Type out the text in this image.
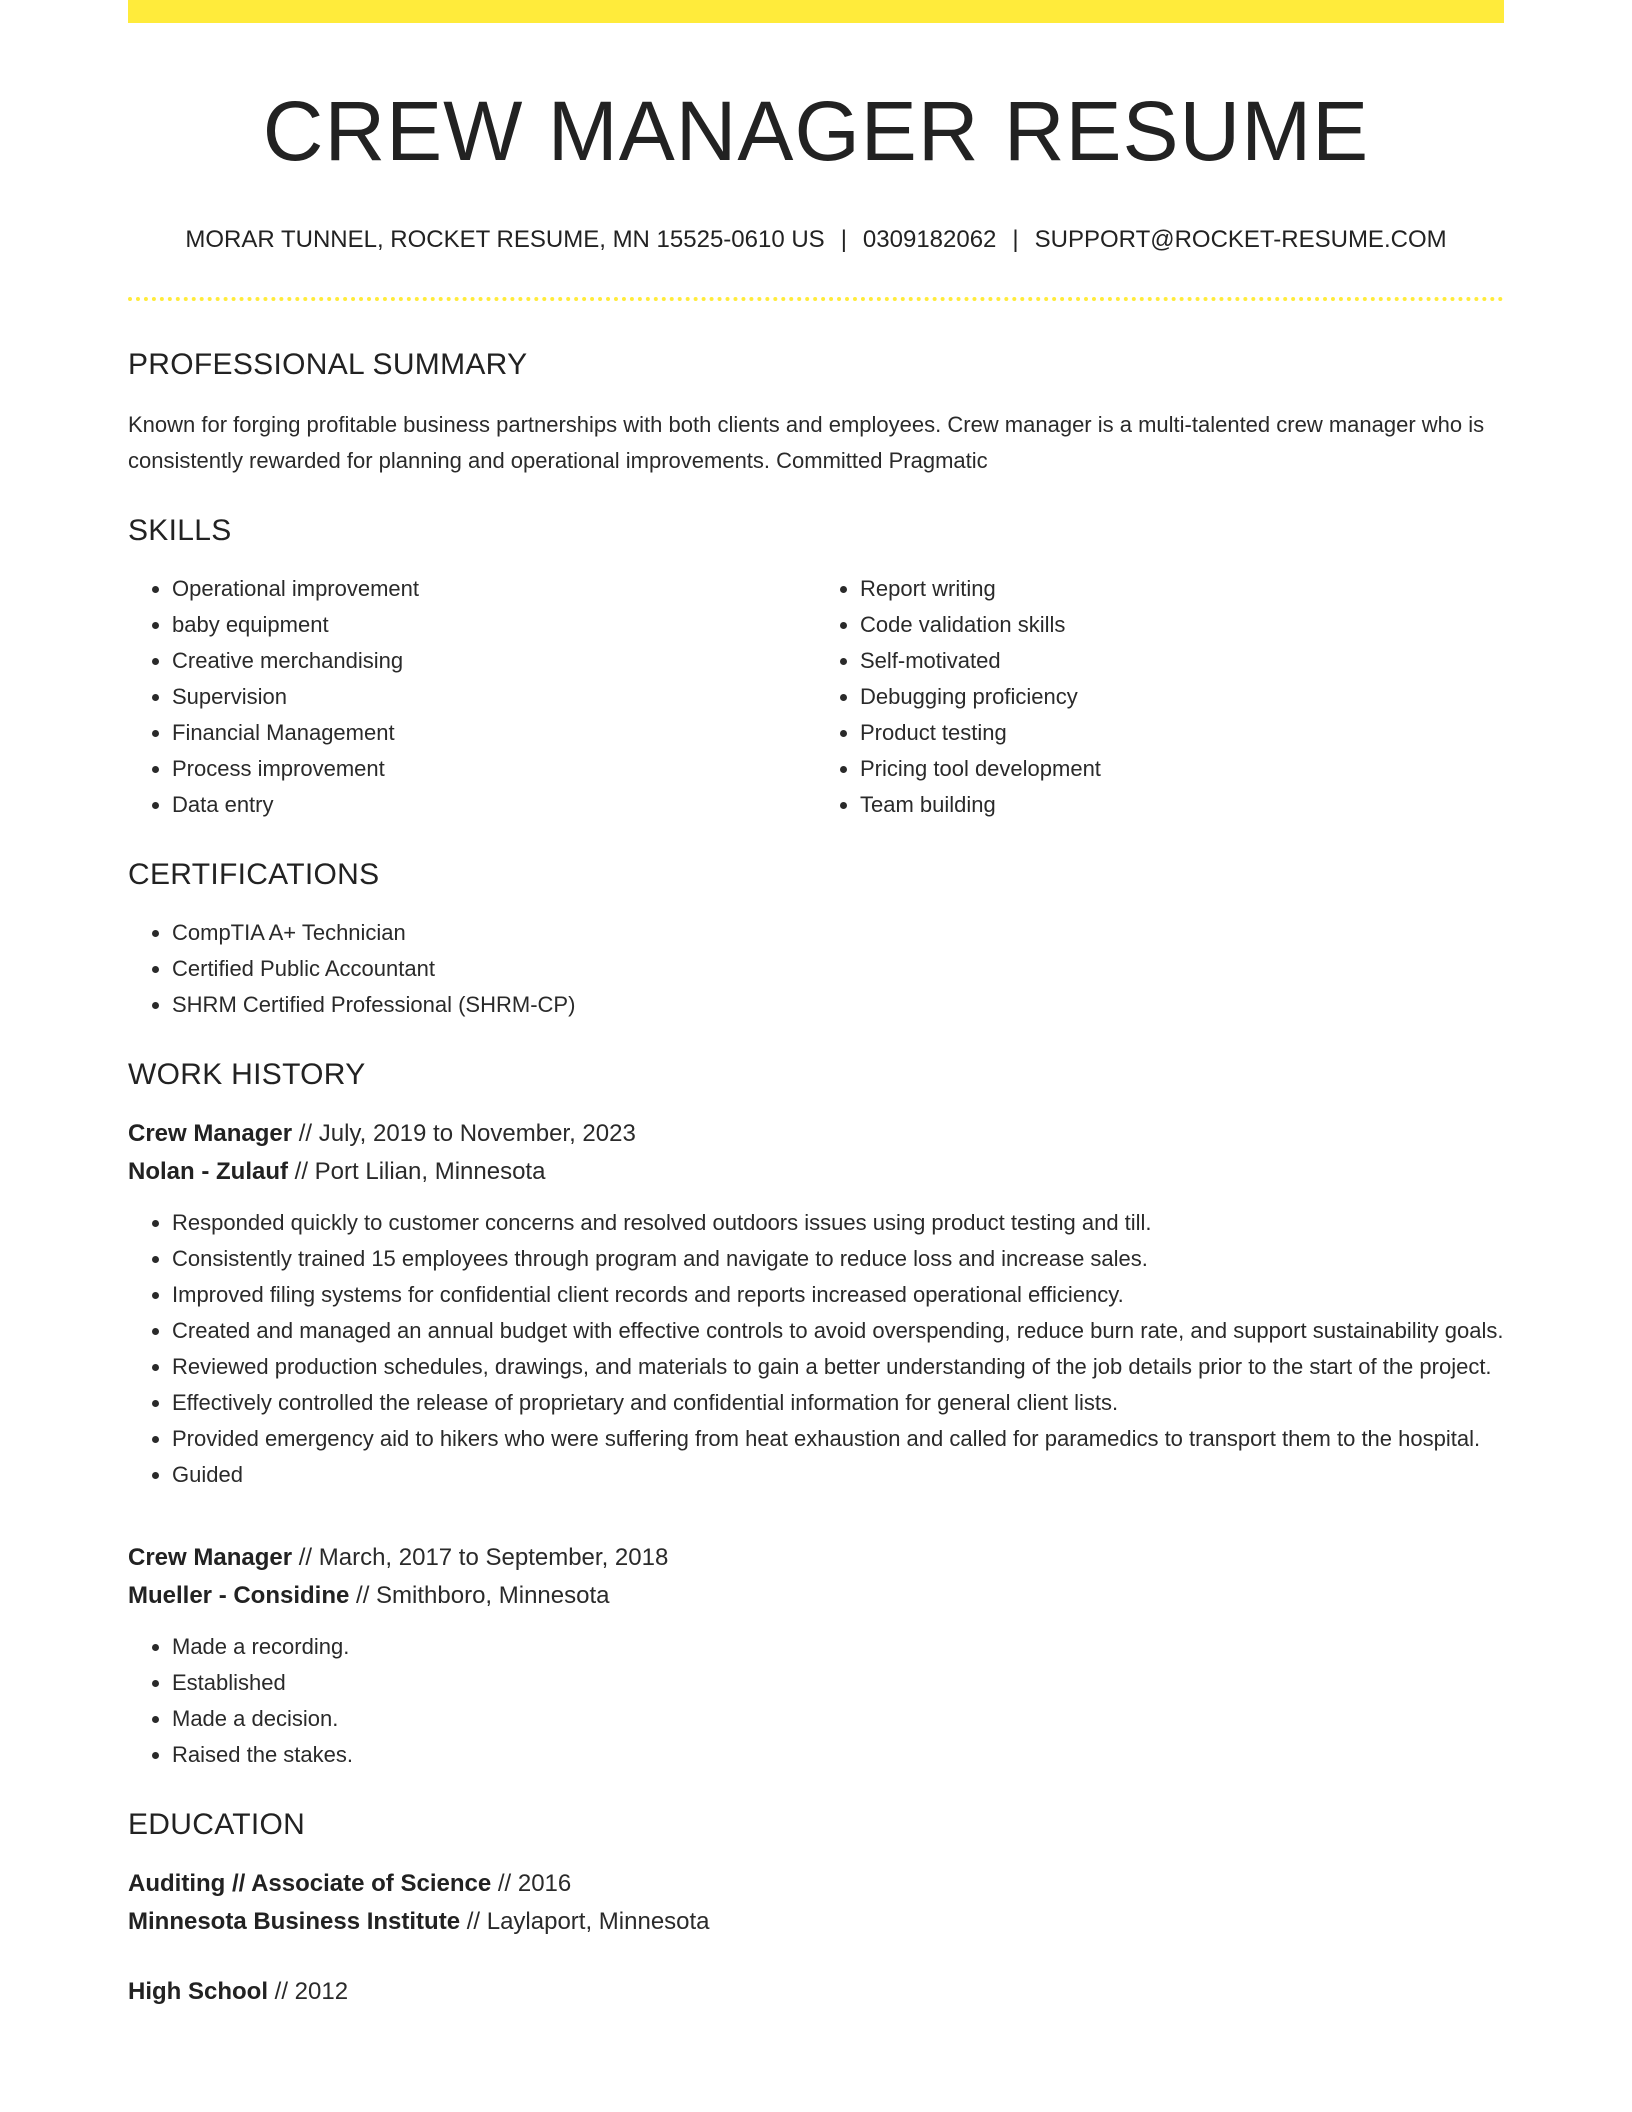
CREW MANAGER RESUME
MORAR TUNNEL, ROCKET RESUME, MN 15525-0610 US | 0309182062 | SUPPORT@ROCKET-RESUME.COM
PROFESSIONAL SUMMARY
Known for forging profitable business partnerships with both clients and employees. Crew manager is a multi-talented crew manager who is consistently rewarded for planning and operational improvements. Committed Pragmatic
SKILLS
• Operational improvement
• baby equipment
• Creative merchandising
• Supervision
• Financial Management
• Process improvement
• Data entry
• Report writing
• Code validation skills
• Self-motivated
• Debugging proficiency
• Product testing
• Pricing tool development
• Team building
CERTIFICATIONS
• CompTIA A+ Technician
• Certified Public Accountant
• SHRM Certified Professional (SHRM-CP)
WORK HISTORY
Crew Manager // July, 2019 to November, 2023
Nolan - Zulauf // Port Lilian, Minnesota
• Responded quickly to customer concerns and resolved outdoors issues using product testing and till.
• Consistently trained 15 employees through program and navigate to reduce loss and increase sales.
• Improved filing systems for confidential client records and reports increased operational efficiency.
• Created and managed an annual budget with effective controls to avoid overspending, reduce burn rate, and support sustainability goals.
• Reviewed production schedules, drawings, and materials to gain a better understanding of the job details prior to the start of the project.
• Effectively controlled the release of proprietary and confidential information for general client lists.
• Provided emergency aid to hikers who were suffering from heat exhaustion and called for paramedics to transport them to the hospital.
• Guided
Crew Manager // March, 2017 to September, 2018
Mueller - Considine // Smithboro, Minnesota
• Made a recording.
• Established
• Made a decision.
• Raised the stakes.
EDUCATION
Auditing // Associate of Science // 2016
Minnesota Business Institute // Laylaport, Minnesota
High School // 2012
